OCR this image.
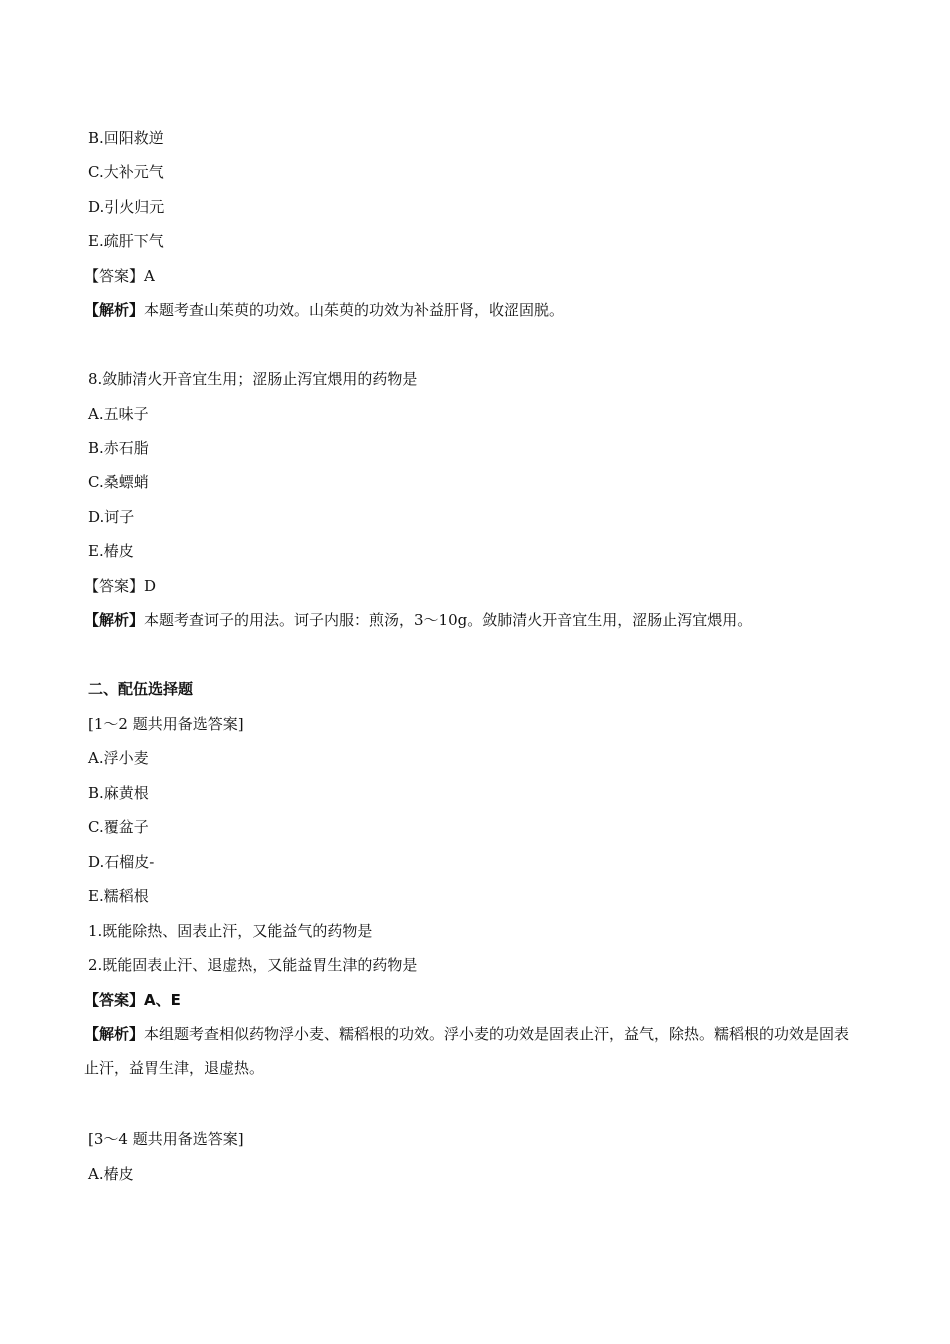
B.回阳救逆
C.大补元气
D.引火归元
E.疏肝下气
【答案】A
【解析】本题考查山茱萸的功效。山茱萸的功效为补益肝肾，收涩固脱。
8.敛肺清火开音宜生用；涩肠止泻宜煨用的药物是
A.五味子
B.赤石脂
C.桑螵蛸
D.诃子
E.椿皮
【答案】D
【解析】本题考查诃子的用法。诃子内服：煎汤，3～10g。敛肺清火开音宜生用，涩肠止泻宜煨用。
二、配伍选择题
[1～2 题共用备选答案]
A.浮小麦
B.麻黄根
C.覆盆子
D.石榴皮-
E.糯稻根
1.既能除热、固表止汗，又能益气的药物是
2.既能固表止汗、退虚热，又能益胃生津的药物是
【答案】A、E
【解析】本组题考查相似药物浮小麦、糯稻根的功效。浮小麦的功效是固表止汗，益气，除热。糯稻根的功效是固表止汗，益胃生津，退虚热。
[3～4 题共用备选答案]
A.椿皮
